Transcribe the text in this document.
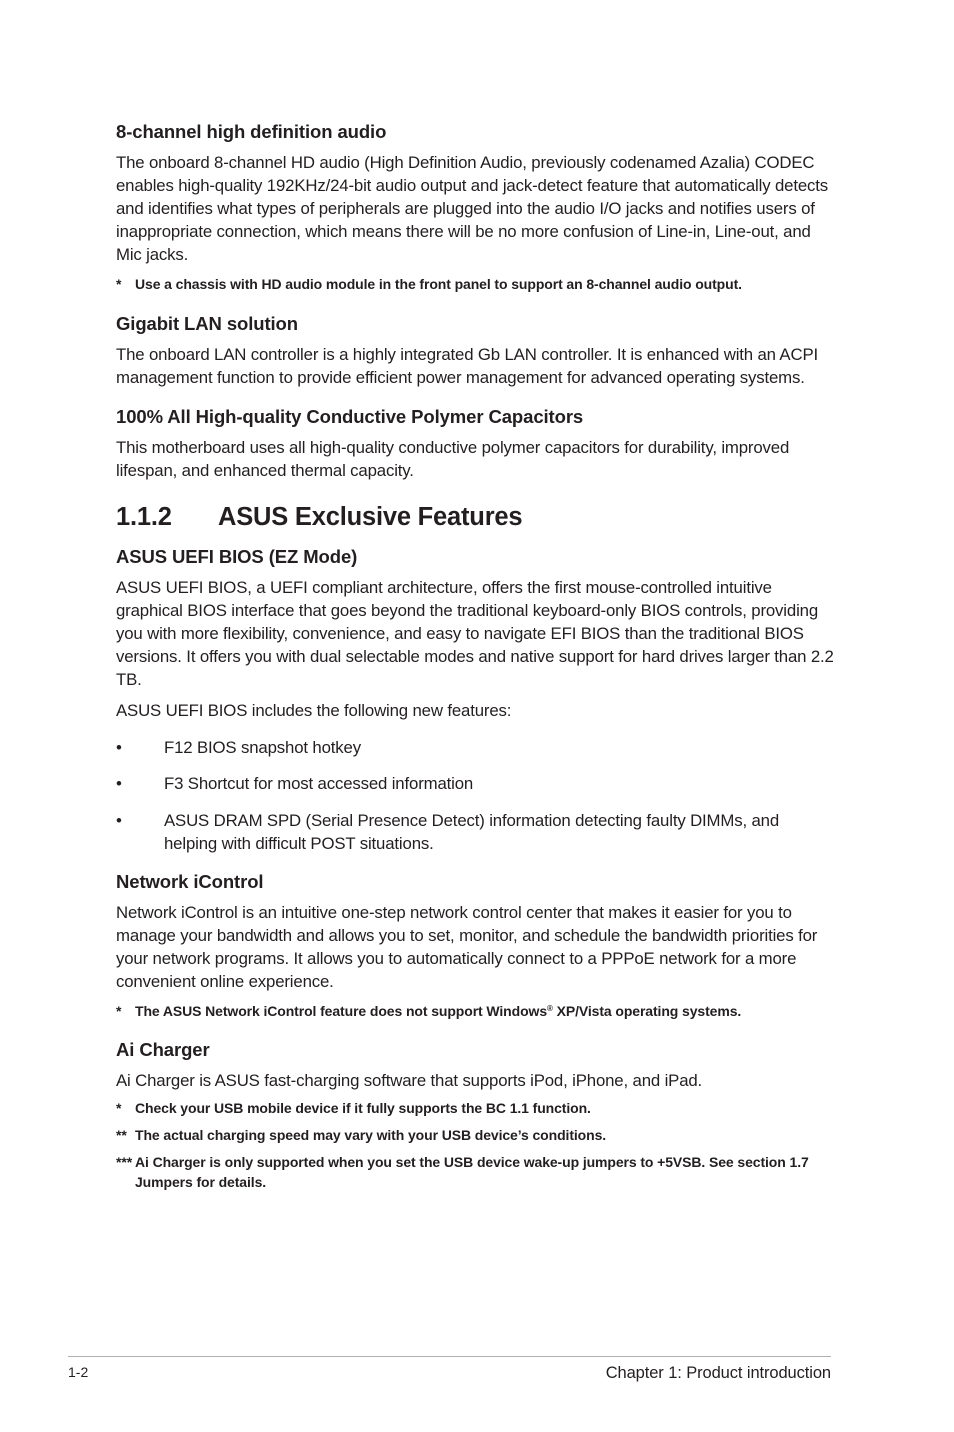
8-channel high definition audio

The onboard 8-channel HD audio (High Definition Audio, previously codenamed Azalia) CODEC enables high-quality 192KHz/24-bit audio output and jack-detect feature that automatically detects and identifies what types of peripherals are plugged into the audio I/O jacks and notifies users of inappropriate connection, which means there will be no more confusion of Line-in, Line-out, and Mic jacks.

* Use a chassis with HD audio module in the front panel to support an 8-channel audio output.
Gigabit LAN solution

The onboard LAN controller is a highly integrated Gb LAN controller. It is enhanced with an ACPI management function to provide efficient power management for advanced operating systems.

100% All High-quality Conductive Polymer Capacitors

This motherboard uses all high-quality conductive polymer capacitors for durability, improved lifespan, and enhanced thermal capacity.

1.1.2	ASUS Exclusive Features
ASUS UEFI BIOS (EZ Mode)

ASUS UEFI BIOS, a UEFI compliant architecture, offers the first mouse-controlled intuitive graphical BIOS interface that goes beyond the traditional keyboard-only BIOS controls, providing you with more flexibility, convenience, and easy to navigate EFI BIOS than the traditional BIOS versions. It offers you with dual selectable modes and native support for hard drives larger than 2.2 TB.

ASUS UEFI BIOS includes the following new features:

•	F12 BIOS snapshot hotkey
•	F3 Shortcut for most accessed information
•	ASUS DRAM SPD (Serial Presence Detect) information detecting faulty DIMMs, and helping with difficult POST situations.
Network iControl

Network iControl is an intuitive one-step network control center that makes it easier for you to manage your bandwidth and allows you to set, monitor, and schedule the bandwidth priorities for your network programs. It allows you to automatically connect to a PPPoE network for a more convenient online experience.

* The ASUS Network iControl feature does not support Windows® XP/Vista operating systems.
Ai Charger

Ai Charger is ASUS fast-charging software that supports iPod, iPhone, and iPad.

* Check your USB mobile device if it fully supports the BC 1.1 function.
** The actual charging speed may vary with your USB device’s conditions.
*** Ai Charger is only supported when you set the USB device wake-up jumpers to +5VSB. See section 1.7 Jumpers for details.
1-2	Chapter 1: Product introduction
